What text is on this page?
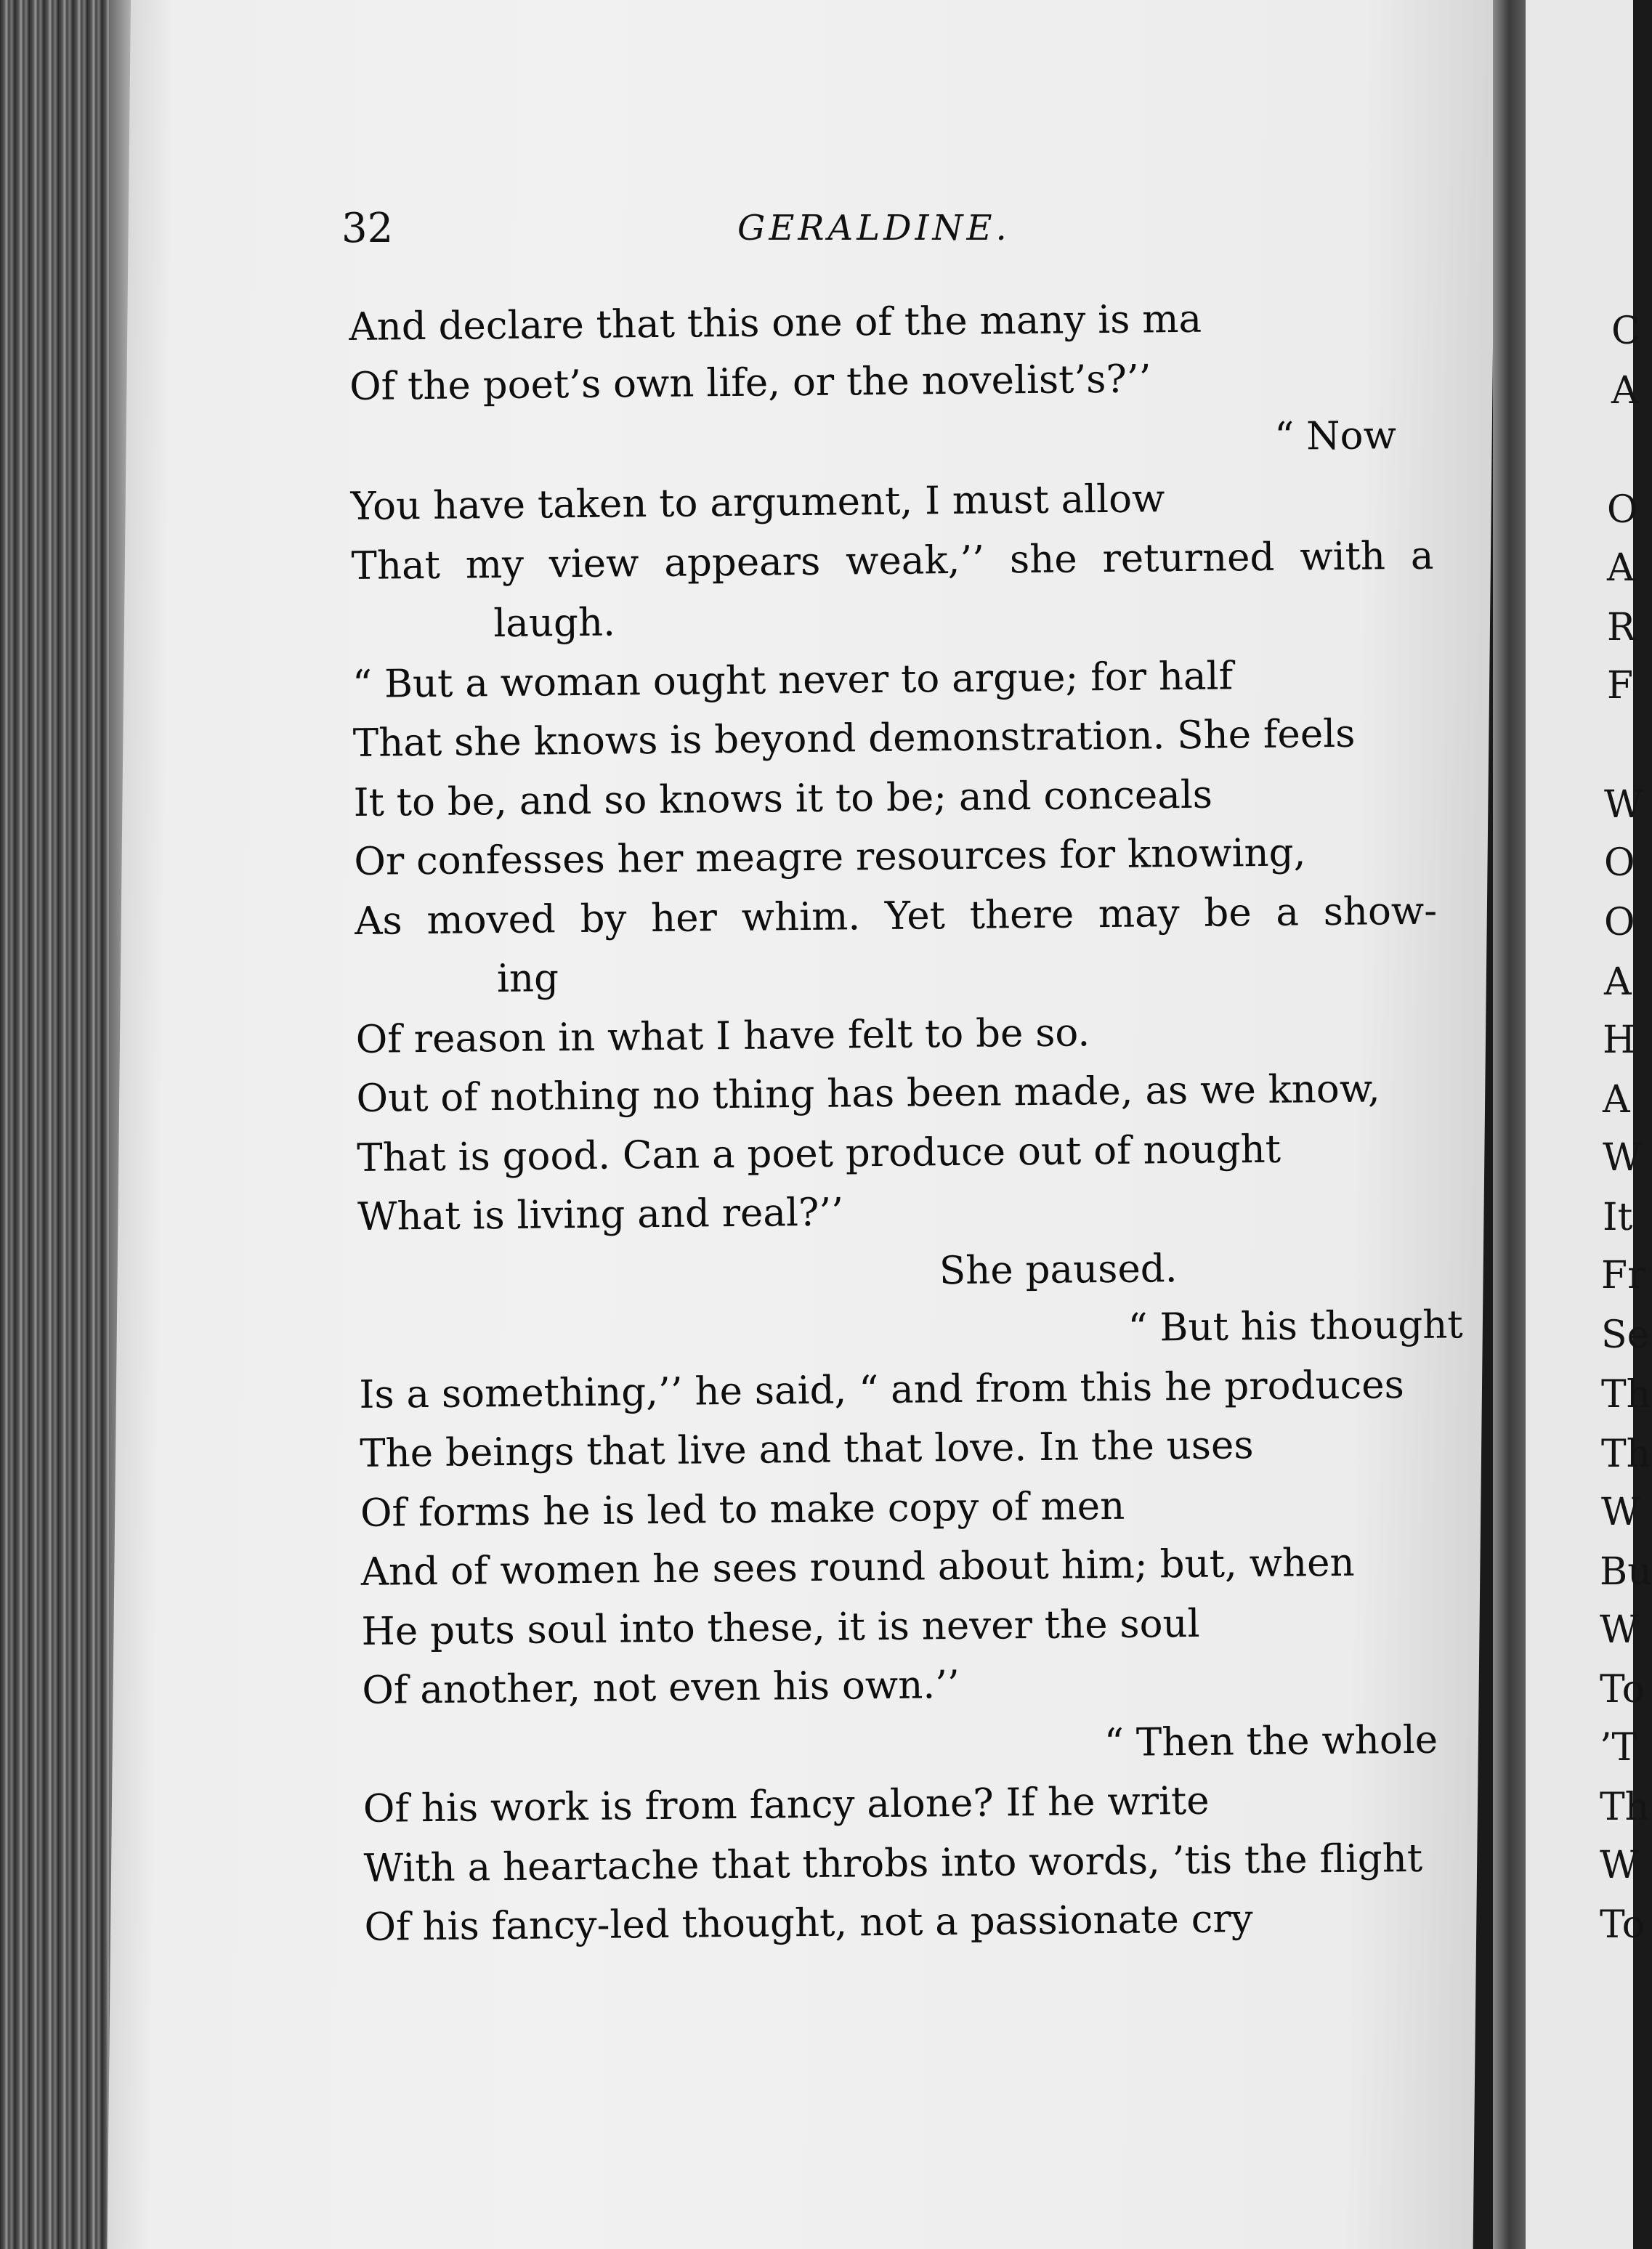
32	GERALDINE.
And declare that this one of the many is ma
Of the poet’s own life, or the novelist’s?’’
“ Now
You have taken to argument, I must allow
That my view appears weak,’’ she returned with a
laugh.
“ But a woman ought never to argue; for half
That she knows is beyond demonstration. She feels
It to be, and so knows it to be; and conceals
Or confesses her meagre resources for knowing,
As moved by her whim. Yet there may be a show-
ing
Of reason in what I have felt to be so.
Out of nothing no thing has been made, as we know,
That is good. Can a poet produce out of nought
What is living and real?’’
She paused.
“ But his thought
Is a something,’’ he said, “ and from this he produces
The beings that live and that love. In the uses
Of forms he is led to make copy of men
And of women he sees round about him; but, when
He puts soul into these, it is never the soul
Of another, not even his own.’’
“ Then the whole
Of his work is from fancy alone? If he write
With a heartache that throbs into words, ’tis the flight
Of his fancy-led thought, not a passionate cry
C
A
O
A
R
F
W
O
O
A
H
A
W
It
Fr
Se
Th
Th
W
Bu
W
To
’T
Th
W
To
